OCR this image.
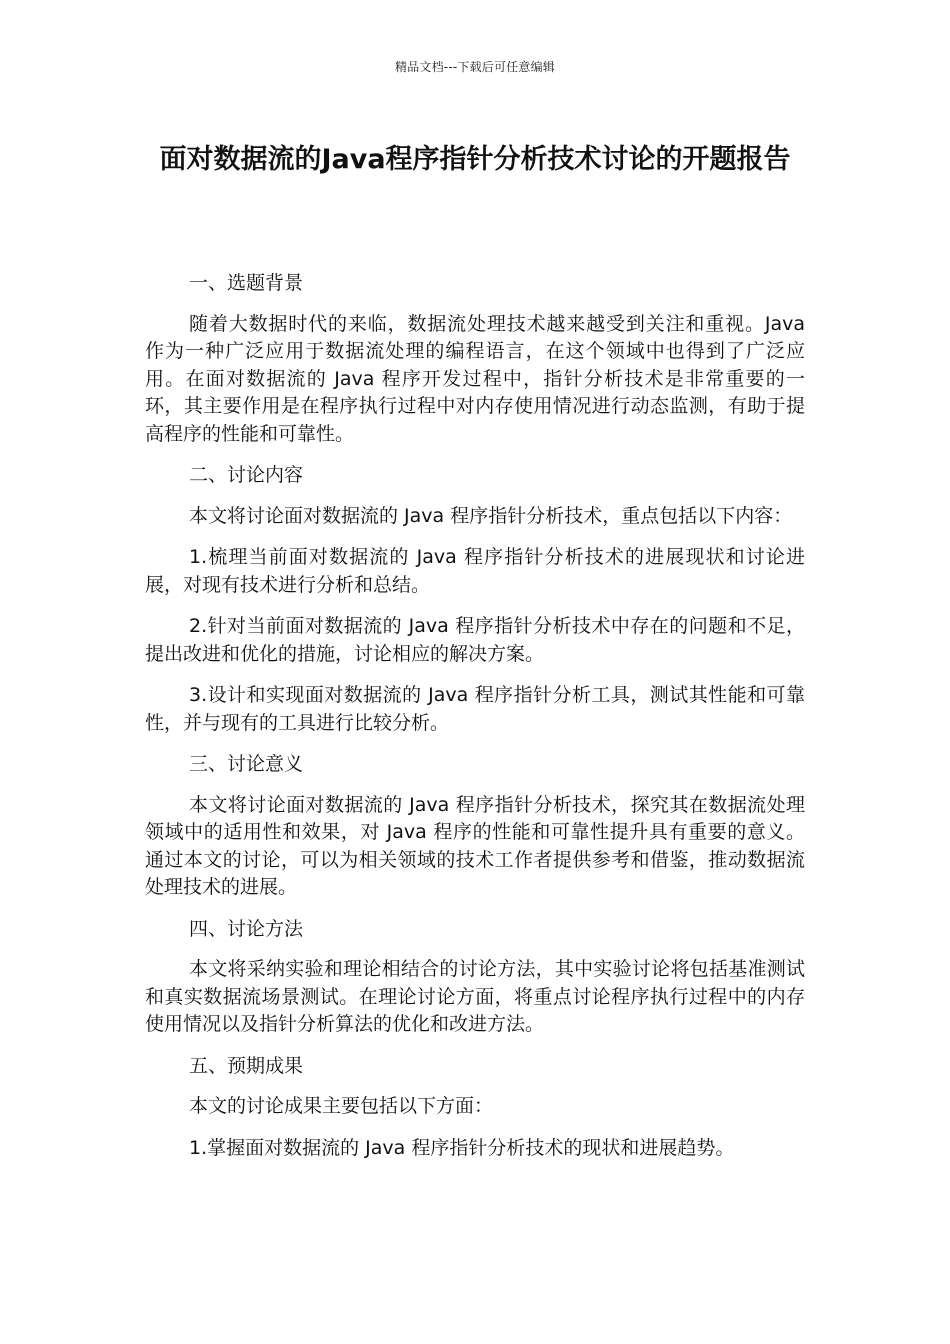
精品文档---下载后可任意编辑
面对数据流的Java程序指针分析技术讨论的开题报告

一、选题背景

随着大数据时代的来临，数据流处理技术越来越受到关注和重视。Java 作为一种广泛应用于数据流处理的编程语言，在这个领域中也得到了广泛应用。在面对数据流的 Java 程序开发过程中，指针分析技术是非常重要的一环，其主要作用是在程序执行过程中对内存使用情况进行动态监测，有助于提高程序的性能和可靠性。

二、讨论内容

本文将讨论面对数据流的 Java 程序指针分析技术，重点包括以下内容：

1.梳理当前面对数据流的 Java 程序指针分析技术的进展现状和讨论进展，对现有技术进行分析和总结。

2.针对当前面对数据流的 Java 程序指针分析技术中存在的问题和不足，提出改进和优化的措施，讨论相应的解决方案。

3.设计和实现面对数据流的 Java 程序指针分析工具，测试其性能和可靠性，并与现有的工具进行比较分析。

三、讨论意义

本文将讨论面对数据流的 Java 程序指针分析技术，探究其在数据流处理领域中的适用性和效果，对 Java 程序的性能和可靠性提升具有重要的意义。通过本文的讨论，可以为相关领域的技术工作者提供参考和借鉴，推动数据流处理技术的进展。

四、讨论方法

本文将采纳实验和理论相结合的讨论方法，其中实验讨论将包括基准测试和真实数据流场景测试。在理论讨论方面，将重点讨论程序执行过程中的内存使用情况以及指针分析算法的优化和改进方法。

五、预期成果

本文的讨论成果主要包括以下方面：

1.掌握面对数据流的 Java 程序指针分析技术的现状和进展趋势。
